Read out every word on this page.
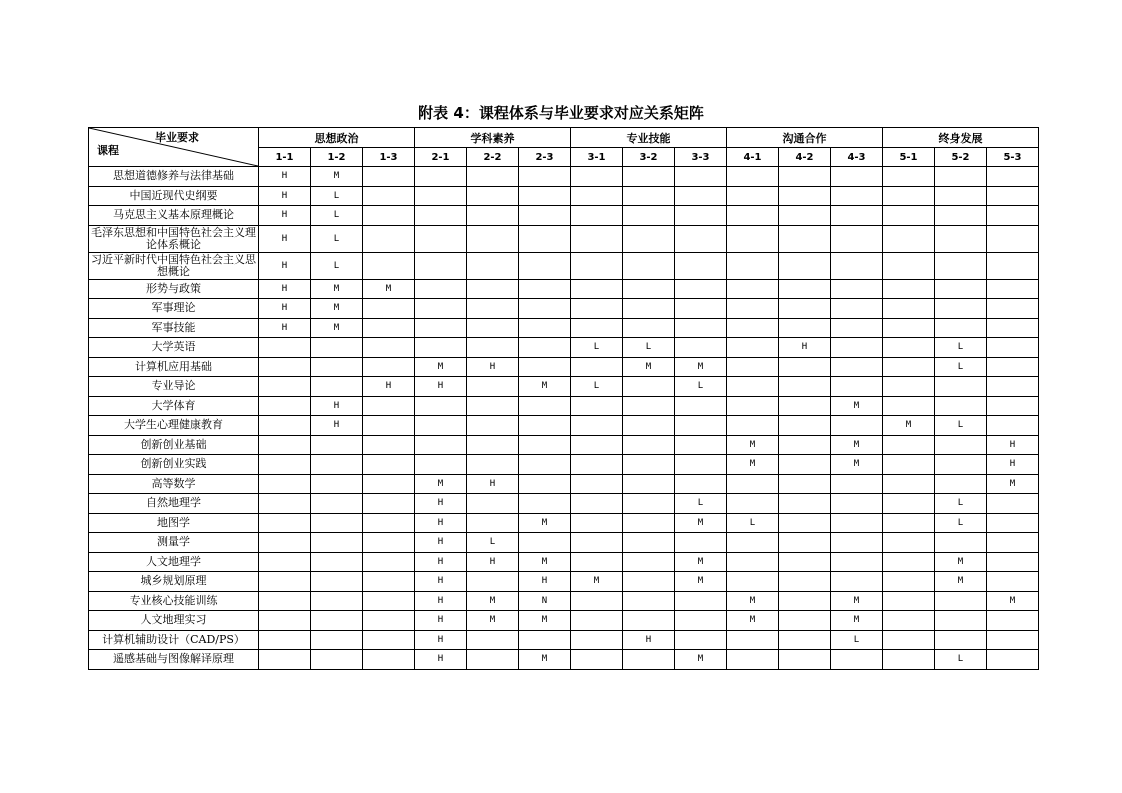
附表 4：课程体系与毕业要求对应关系矩阵
毕业要求
课程	思想政治			学科素养			专业技能			沟通合作			终身发展		
	1-1	1-2	1-3	2-1	2-2	2-3	3-1	3-2	3-3	4-1	4-2	4-3	5-1	5-2	5-3
思想道德修养与法律基础	H	M													
中国近现代史纲要	H	L													
马克思主义基本原理概论	H	L													
毛泽东思想和中国特色社会主义理论体系概论	H	L													
习近平新时代中国特色社会主义思想概论	H	L													
形势与政策	H	M	M												
军事理论	H	M													
军事技能	H	M													
大学英语							L	L			H			L	
计算机应用基础				M	H			M	M					L	
专业导论			H	H		M	L		L						
大学体育		H										M			
大学生心理健康教育		H											M	L	
创新创业基础										M		M			H
创新创业实践										M		M			H
高等数学				M	H										M
自然地理学				H					L					L	
地图学				H		M			M	L				L	
测量学				H	L										
人文地理学				H	H	M			M					M	
城乡规划原理				H		H	M		M					M	
专业核心技能训练				H	M	N				M		M			M
人文地理实习				H	M	M				M		M			
计算机辅助设计（CAD/PS）				H				H				L			
遥感基础与图像解译原理				H		M			M					L	
